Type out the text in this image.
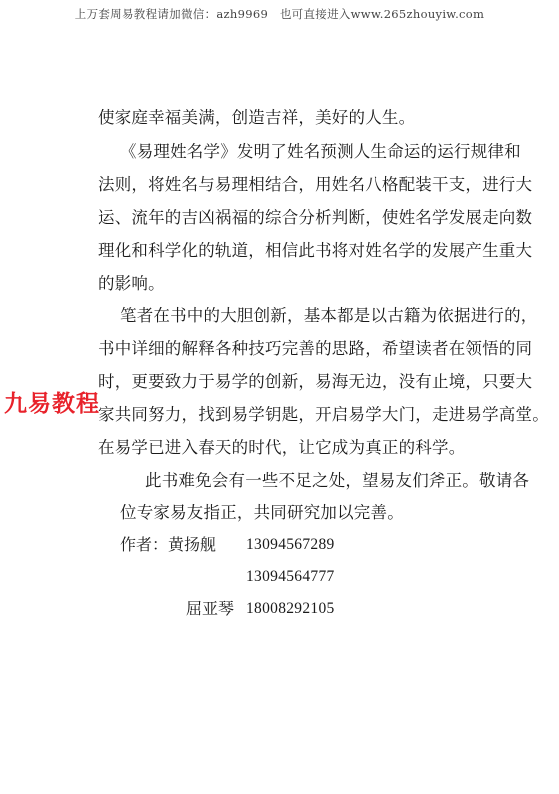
上万套周易教程请加微信：azh9969　也可直接进入www.265zhouyiw.com
使家庭幸福美满，创造吉祥，美好的人生。
《易理姓名学》发明了姓名预测人生命运的运行规律和
法则，将姓名与易理相结合，用姓名八格配装干支，进行大
运、流年的吉凶祸福的综合分析判断，使姓名学发展走向数
理化和科学化的轨道，相信此书将对姓名学的发展产生重大
的影响。
笔者在书中的大胆创新，基本都是以古籍为依据进行的，
书中详细的解释各种技巧完善的思路，希望读者在领悟的同
时，更要致力于易学的创新，易海无边，没有止境，只要大
家共同努力，找到易学钥匙，开启易学大门，走进易学高堂。
在易学已进入春天的时代，让它成为真正的科学。
此书难免会有一些不足之处，望易友们斧正。敬请各
位专家易友指正，共同研究加以完善。
作者：黄扬舰 13094567289
13094564777
屈亚琴 18008292105
九易教程
